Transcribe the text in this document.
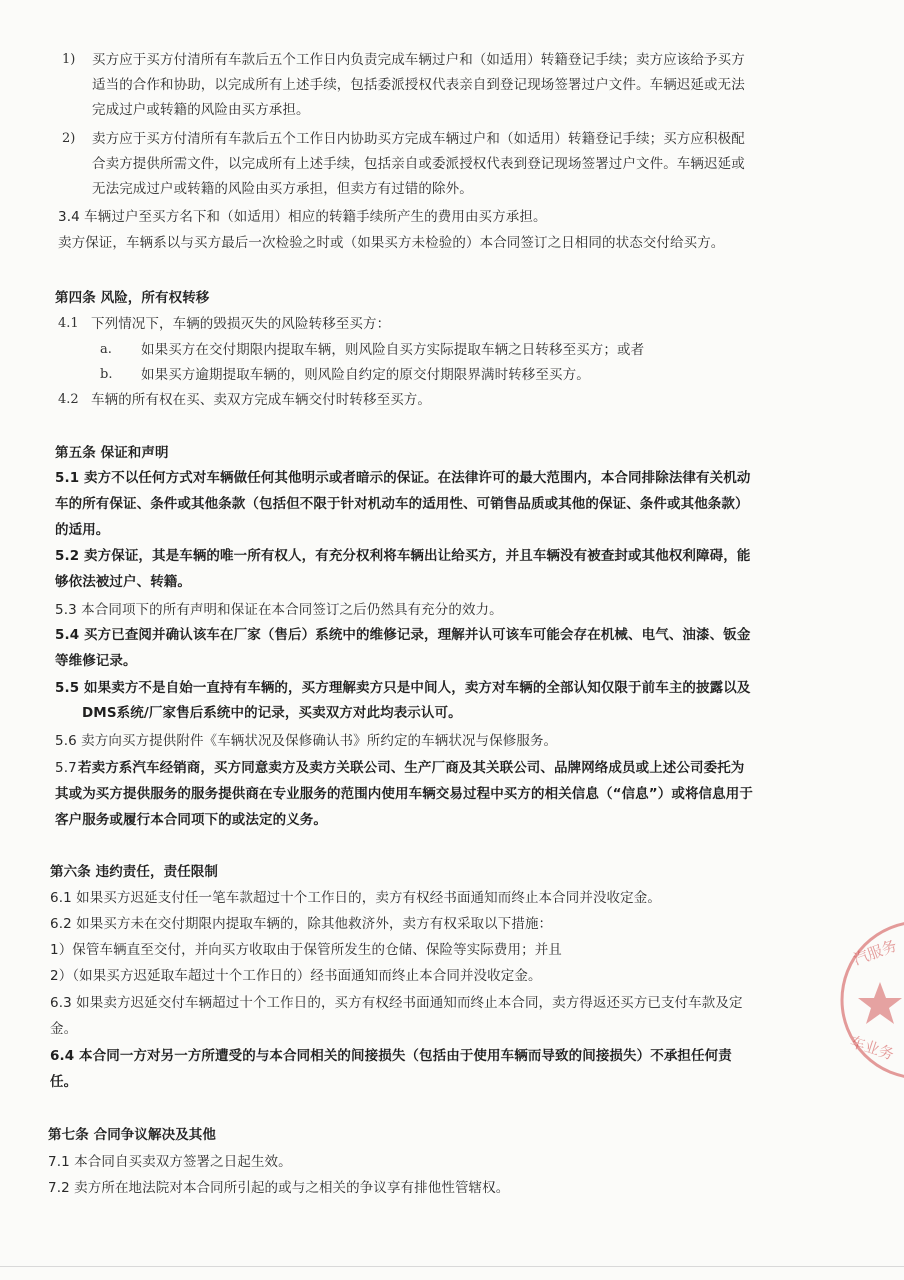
1) 买方应于买方付清所有车款后五个工作日内负责完成车辆过户和（如适用）转籍登记手续；卖方应该给予买方
适当的合作和协助，以完成所有上述手续，包括委派授权代表亲自到登记现场签署过户文件。车辆迟延或无法
完成过户或转籍的风险由买方承担。
2) 卖方应于买方付清所有车款后五个工作日内协助买方完成车辆过户和（如适用）转籍登记手续；买方应积极配
合卖方提供所需文件，以完成所有上述手续，包括亲自或委派授权代表到登记现场签署过户文件。车辆迟延或
无法完成过户或转籍的风险由买方承担，但卖方有过错的除外。
3.4 车辆过户至买方名下和（如适用）相应的转籍手续所产生的费用由买方承担。
卖方保证，车辆系以与买方最后一次检验之时或（如果买方未检验的）本合同签订之日相同的状态交付给买方。
第四条 风险，所有权转移
4.1 下列情况下，车辆的毁损灭失的风险转移至买方：
a. 如果买方在交付期限内提取车辆，则风险自买方实际提取车辆之日转移至买方；或者
b. 如果买方逾期提取车辆的，则风险自约定的原交付期限界满时转移至买方。
4.2 车辆的所有权在买、卖双方完成车辆交付时转移至买方。
第五条 保证和声明
5.1 卖方不以任何方式对车辆做任何其他明示或者暗示的保证。在法律许可的最大范围内，本合同排除法律有关机动
车的所有保证、条件或其他条款（包括但不限于针对机动车的适用性、可销售品质或其他的保证、条件或其他条款）
的适用。
5.2 卖方保证，其是车辆的唯一所有权人，有充分权利将车辆出让给买方，并且车辆没有被查封或其他权利障碍，能
够依法被过户、转籍。
5.3 本合同项下的所有声明和保证在本合同签订之后仍然具有充分的效力。
5.4 买方已查阅并确认该车在厂家（售后）系统中的维修记录，理解并认可该车可能会存在机械、电气、油漆、钣金
等维修记录。
5.5 如果卖方不是自始一直持有车辆的，买方理解卖方只是中间人，卖方对车辆的全部认知仅限于前车主的披露以及
DMS系统/厂家售后系统中的记录，买卖双方对此均表示认可。
5.6 卖方向买方提供附件《车辆状况及保修确认书》所约定的车辆状况与保修服务。
5.7 若卖方系汽车经销商，买方同意卖方及卖方关联公司、生产厂商及其关联公司、品牌网络成员或上述公司委托为
其或为买方提供服务的服务提供商在专业服务的范围内使用车辆交易过程中买方的相关信息（“信息”）或将信息用于
客户服务或履行本合同项下的或法定的义务。
第六条 违约责任，责任限制
6.1 如果买方迟延支付任一笔车款超过十个工作日的，卖方有权经书面通知而终止本合同并没收定金。
6.2 如果买方未在交付期限内提取车辆的，除其他救济外，卖方有权采取以下措施：
1）保管车辆直至交付，并向买方收取由于保管所发生的仓储、保险等实际费用；并且
2）（如果买方迟延取车超过十个工作日的）经书面通知而终止本合同并没收定金。
6.3 如果卖方迟延交付车辆超过十个工作日的，买方有权经书面通知而终止本合同，卖方得返还买方已支付车款及定
金。
6.4 本合同一方对另一方所遭受的与本合同相关的间接损失（包括由于使用车辆而导致的间接损失）不承担任何责
任。
第七条 合同争议解决及其他
7.1 本合同自买卖双方签署之日起生效。
7.2 卖方所在地法院对本合同所引起的或与之相关的争议享有排他性管辖权。
汽服务
车业务
